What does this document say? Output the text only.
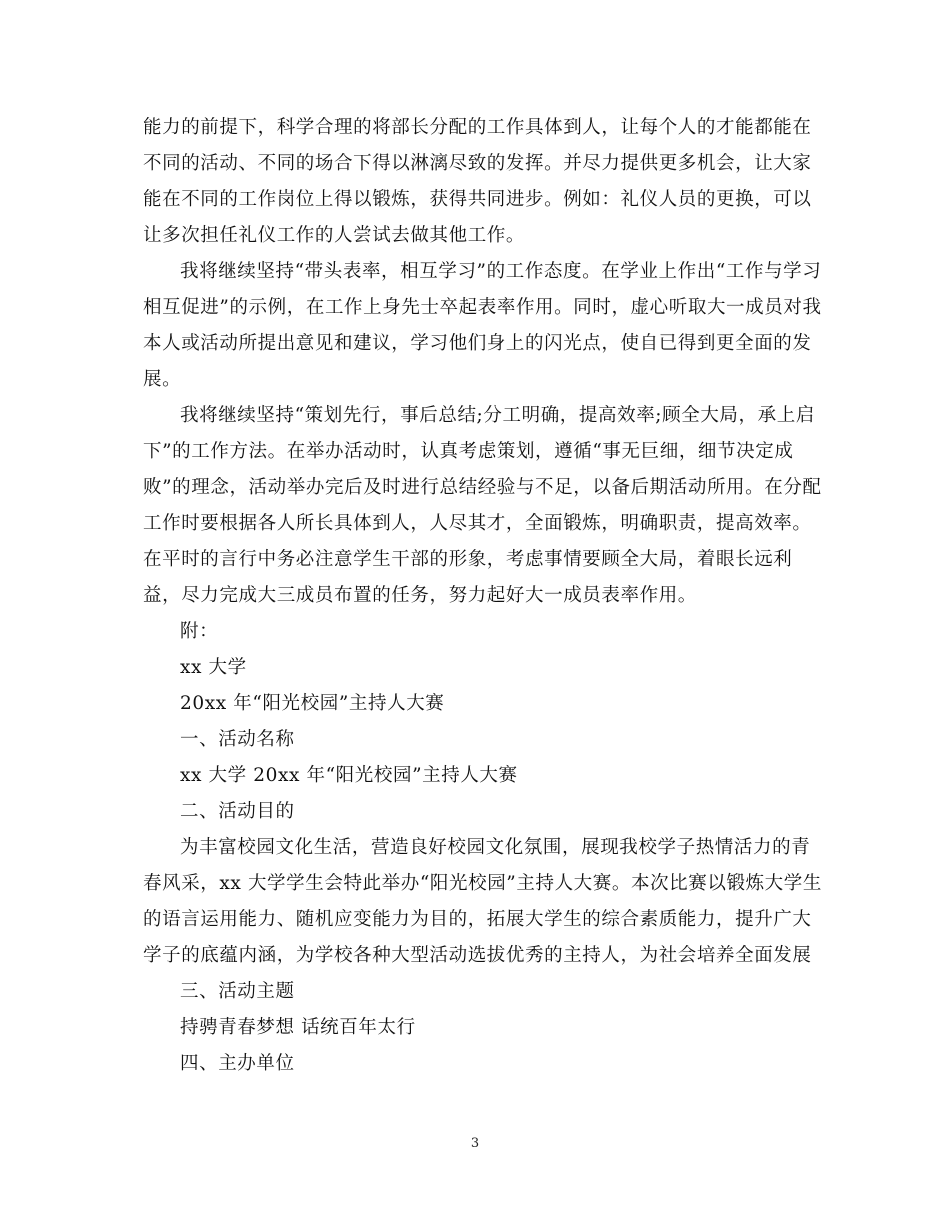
能力的前提下，科学合理的将部长分配的工作具体到人，让每个人的才能都能在
不同的活动、不同的场合下得以淋漓尽致的发挥。并尽力提供更多机会，让大家
能在不同的工作岗位上得以锻炼，获得共同进步。例如：礼仪人员的更换，可以
让多次担任礼仪工作的人尝试去做其他工作。
我将继续坚持“带头表率，相互学习”的工作态度。在学业上作出“工作与学习
相互促进”的示例，在工作上身先士卒起表率作用。同时，虚心听取大一成员对我
本人或活动所提出意见和建议，学习他们身上的闪光点，使自已得到更全面的发
展。
我将继续坚持“策划先行，事后总结;分工明确，提高效率;顾全大局，承上启
下”的工作方法。在举办活动时，认真考虑策划，遵循“事无巨细，细节决定成
败”的理念，活动举办完后及时进行总结经验与不足，以备后期活动所用。在分配
工作时要根据各人所长具体到人，人尽其才，全面锻炼，明确职责，提高效率。
在平时的言行中务必注意学生干部的形象，考虑事情要顾全大局，着眼长远利
益，尽力完成大三成员布置的任务，努力起好大一成员表率作用。
附：
xx 大学
20xx 年“阳光校园”主持人大赛
一、活动名称
xx 大学 20xx 年“阳光校园”主持人大赛
二、活动目的
为丰富校园文化生活，营造良好校园文化氛围，展现我校学子热情活力的青
春风采，xx 大学学生会特此举办“阳光校园”主持人大赛。本次比赛以锻炼大学生
的语言运用能力、随机应变能力为目的，拓展大学生的综合素质能力，提升广大
学子的底蕴内涵，为学校各种大型活动选拔优秀的主持人，为社会培养全面发展
三、活动主题
持骋青春梦想 话统百年太行
四、主办单位
3
